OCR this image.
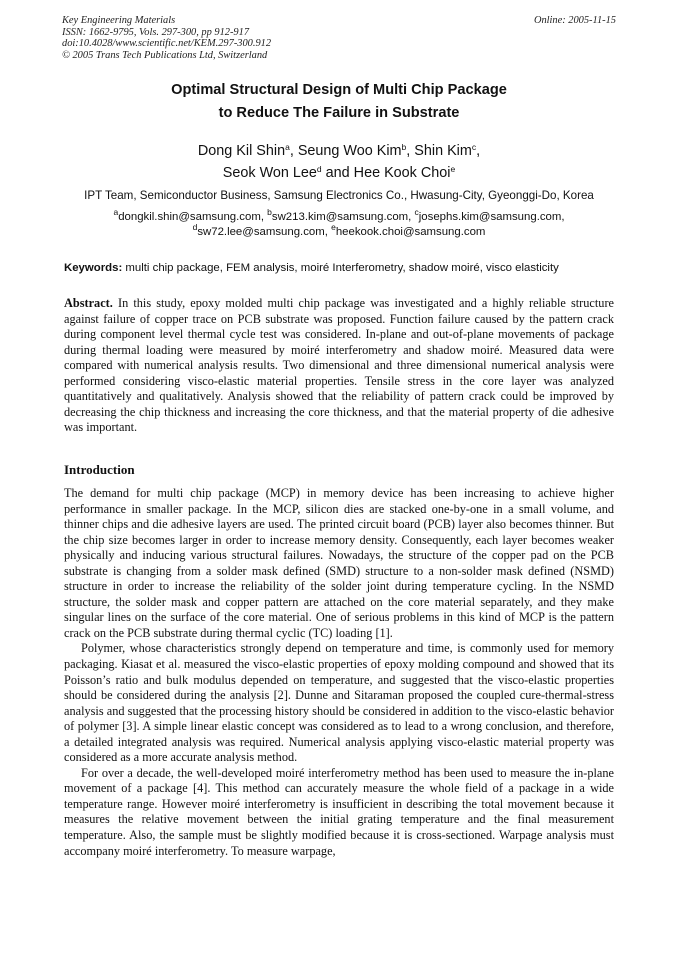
Key Engineering Materials
ISSN: 1662-9795, Vols. 297-300, pp 912-917
doi:10.4028/www.scientific.net/KEM.297-300.912
© 2005 Trans Tech Publications Ltd, Switzerland
Online: 2005-11-15
Optimal Structural Design of Multi Chip Package
to Reduce The Failure in Substrate
Dong Kil Shin$^a$, Seung Woo Kim$^b$, Shin Kim$^c$,
Seok Won Lee$^d$ and Hee Kook Choi$^e$
IPT Team, Semiconductor Business, Samsung Electronics Co., Hwasung-City, Gyeonggi-Do, Korea
$^a$dongkil.shin@samsung.com, $^b$sw213.kim@samsung.com, $^c$josephs.kim@samsung.com,
$^d$sw72.lee@samsung.com, $^e$heekook.choi@samsung.com
Keywords: multi chip package, FEM analysis, moiré Interferometry, shadow moiré, visco elasticity
Abstract. In this study, epoxy molded multi chip package was investigated and a highly reliable structure against failure of copper trace on PCB substrate was proposed. Function failure caused by the pattern crack during component level thermal cycle test was considered. In-plane and out-of-plane movements of package during thermal loading were measured by moiré interferometry and shadow moiré. Measured data were compared with numerical analysis results. Two dimensional and three dimensional numerical analysis were performed considering visco-elastic material properties. Tensile stress in the core layer was analyzed quantitatively and qualitatively. Analysis showed that the reliability of pattern crack could be improved by decreasing the chip thickness and increasing the core thickness, and that the material property of die adhesive was important.
Introduction

The demand for multi chip package (MCP) in memory device has been increasing to achieve higher performance in smaller package. In the MCP, silicon dies are stacked one-by-one in a small volume, and thinner chips and die adhesive layers are used. The printed circuit board (PCB) layer also becomes thinner. But the chip size becomes larger in order to increase memory density. Consequently, each layer becomes weaker physically and inducing various structural failures. Nowadays, the structure of the copper pad on the PCB substrate is changing from a solder mask defined (SMD) structure to a non-solder mask defined (NSMD) structure in order to increase the reliability of the solder joint during temperature cycling. In the NSMD structure, the solder mask and copper pattern are attached on the core material separately, and they make singular lines on the surface of the core material. One of serious problems in this kind of MCP is the pattern crack on the PCB substrate during thermal cyclic (TC) loading [1].

Polymer, whose characteristics strongly depend on temperature and time, is commonly used for memory packaging. Kiasat et al. measured the visco-elastic properties of epoxy molding compound and showed that its Poisson’s ratio and bulk modulus depended on temperature, and suggested that the visco-elastic properties should be considered during the analysis [2]. Dunne and Sitaraman proposed the coupled cure-thermal-stress analysis and suggested that the processing history should be considered in addition to the visco-elastic behavior of polymer [3]. A simple linear elastic concept was considered as to lead to a wrong conclusion, and therefore, a detailed integrated analysis was required. Numerical analysis applying visco-elastic material property was considered as a more accurate analysis method.

For over a decade, the well-developed moiré interferometry method has been used to measure the in-plane movement of a package [4]. This method can accurately measure the whole field of a package in a wide temperature range. However moiré interferometry is insufficient in describing the total movement because it measures the relative movement between the initial grating temperature and the final measurement temperature. Also, the sample must be slightly modified because it is cross-sectioned. Warpage analysis must accompany moiré interferometry. To measure warpage,
